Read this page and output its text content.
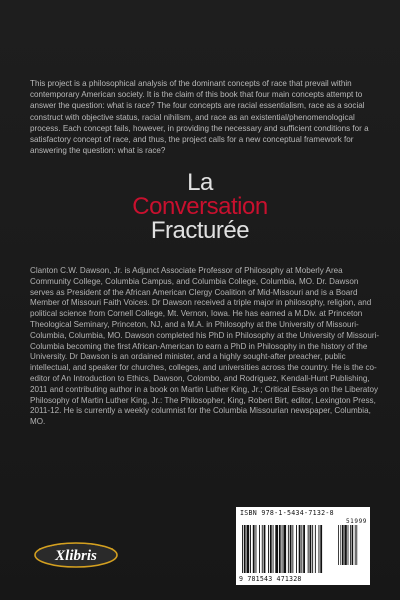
This project is a philosophical analysis of the dominant concepts of race that prevail within contemporary American society. It is the claim of this book that four main concepts attempt to answer the question: what is race? The four concepts are racial essentialism, race as a social construct with objective status, racial nihilism, and race as an existential/phenomenological process. Each concept fails, however, in providing the necessary and sufficient conditions for a satisfactory concept of race, and thus, the project calls for a new conceptual framework for answering the question: what is race?

La
Conversation
Fracturée

Clanton C.W. Dawson, Jr. is Adjunct Associate Professor of Philosophy at Moberly Area Community College, Columbia Campus, and Columbia College, Columbia, MO. Dr. Dawson serves as President of the African American Clergy Coalition of Mid-Missouri and is a Board Member of Missouri Faith Voices. Dr Dawson received a triple major in philosophy, religion, and political science from Cornell College, Mt. Vernon, Iowa. He has earned a M.Div. at Princeton Theological Seminary, Princeton, NJ, and a M.A. in Philosophy at the University of Missouri-Columbia, Columbia, MO. Dawson completed his PhD in Philosophy at the University of Missouri-Columbia becoming the first African-American to earn a PhD in Philosophy in the history of the University. Dr Dawson is an ordained minister, and a highly sought-after preacher, public intellectual, and speaker for churches, colleges, and universities across the country. He is the co-editor of An Introduction to Ethics, Dawson, Colombo, and Rodriguez, Kendall-Hunt Publishing, 2011 and contributing author in a book on Martin Luther King, Jr.; Critical Essays on the Liberatoy Philosophy of Martin Luther King, Jr.: The Philosopher, King, Robert Birt, editor, Lexington Press, 2011-12. He is currently a weekly columnist for the Columbia Missourian newspaper, Columbia, MO.

Xlibris
ISBN 978-1-5434-7132-8
51999
9 781543 471328
